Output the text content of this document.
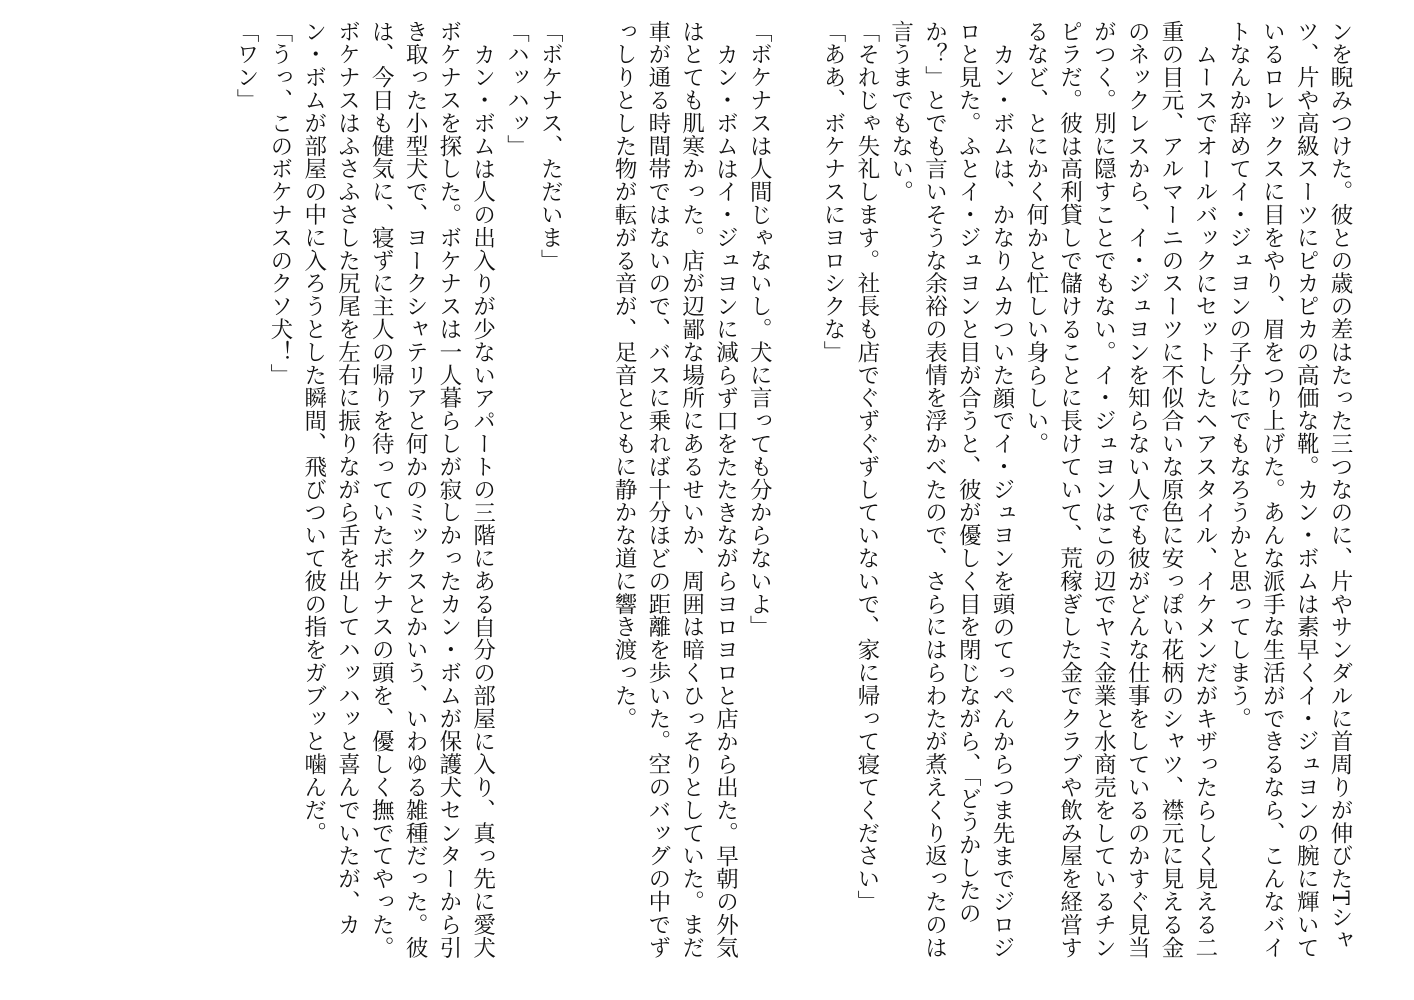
ンを睨みつけた。彼との歳の差はたった三つなのに、片やサンダルに首周りが伸びたTシャツ、片や高級スーツにピカピカの高価な靴。カン・ボムは素早くイ・ジュヨンの腕に輝いているロレックスに目をやり、眉をつり上げた。あんな派手な生活ができるなら、こんなバイトなんか辞めてイ・ジュヨンの子分にでもなろうかと思ってしまう。

ムースでオールバックにセットしたヘアスタイル、イケメンだがキザったらしく見える二重の目元、アルマーニのスーツに不似合いな原色に安っぽい花柄のシャツ、襟元に見える金のネックレスから、イ・ジュヨンを知らない人でも彼がどんな仕事をしているのかすぐ見当がつく。別に隠すことでもない。イ・ジュヨンはこの辺でヤミ金業と水商売をしているチンピラだ。彼は高利貸しで儲けることに長けていて、荒稼ぎした金でクラブや飲み屋を経営するなど、とにかく何かと忙しい身らしい。

カン・ボムは、かなりムカついた顔でイ・ジュヨンを頭のてっぺんからつま先までジロジロと見た。ふとイ・ジュヨンと目が合うと、彼が優しく目を閉じながら、「どうかしたのか？」とでも言いそうな余裕の表情を浮かべたので、さらにはらわたが煮えくり返ったのは言うまでもない。

「それじゃ失礼します。社長も店でぐずぐずしていないで、家に帰って寝てください」

「ああ、ボケナスにヨロシクな」

「ボケナスは人間じゃないし。犬に言っても分からないよ」

カン・ボムはイ・ジュヨンに減らず口をたたきながらヨロヨロと店から出た。早朝の外気はとても肌寒かった。店が辺鄙な場所にあるせいか、周囲は暗くひっそりとしていた。まだ車が通る時間帯ではないので、バスに乗れば十分ほどの距離を歩いた。空のバッグの中でずっしりとした物が転がる音が、足音とともに静かな道に響き渡った。

「ボケナス、ただいま」

「ハッハッ」

カン・ボムは人の出入りが少ないアパートの三階にある自分の部屋に入り、真っ先に愛犬ボケナスを探した。ボケナスは一人暮らしが寂しかったカン・ボムが保護犬センターから引き取った小型犬で、ヨークシャテリアと何かのミックスとかいう、いわゆる雑種だった。彼は、今日も健気に、寝ずに主人の帰りを待っていたボケナスの頭を、優しく撫でてやった。ボケナスはふさふさした尻尾を左右に振りながら舌を出してハッハッと喜んでいたが、カン・ボムが部屋の中に入ろうとした瞬間、飛びついて彼の指をガブッと噛んだ。

「うっ、このボケナスのクソ犬！」

「ワン」
